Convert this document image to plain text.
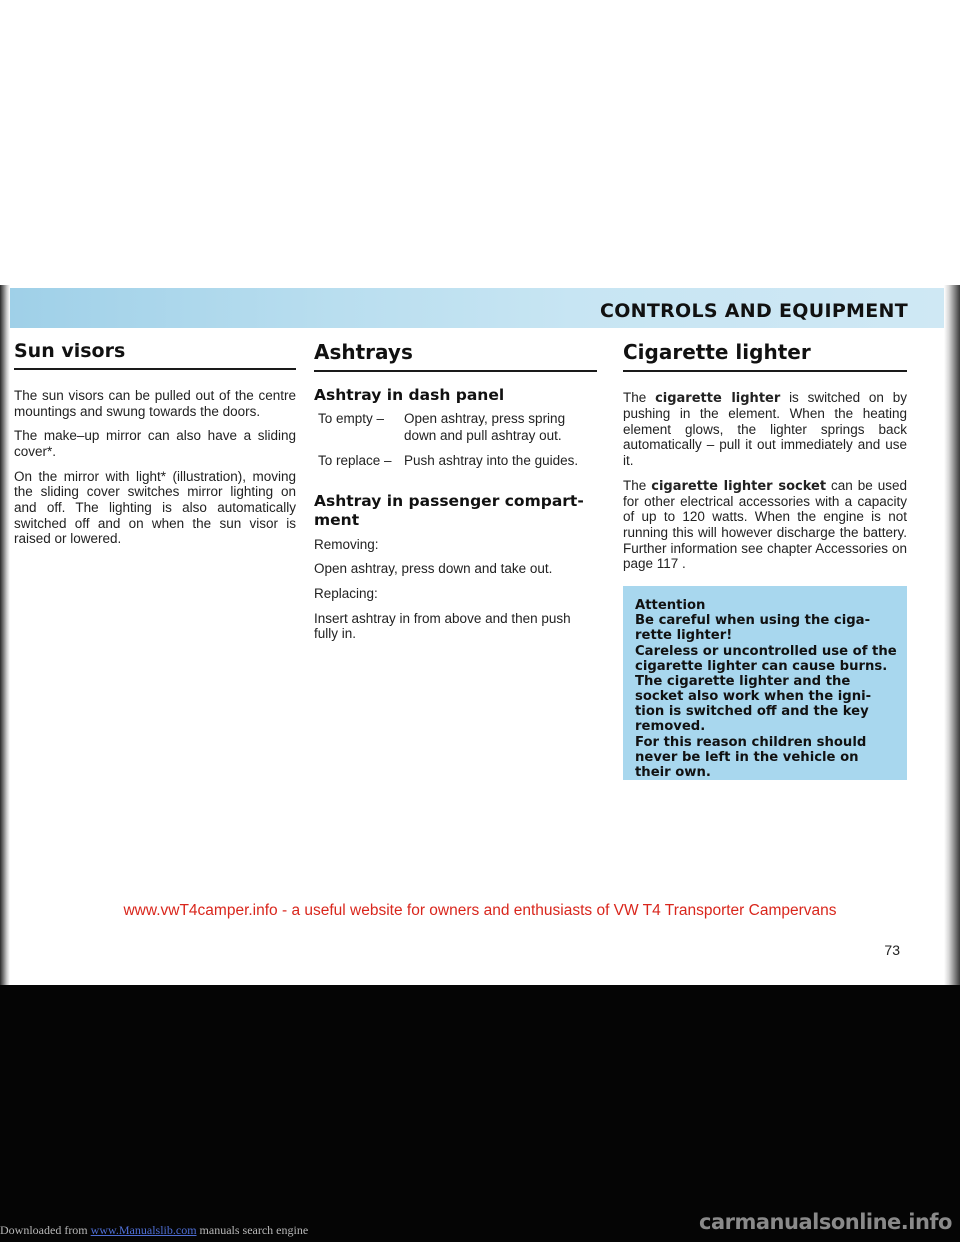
CONTROLS AND EQUIPMENT
Sun visors

The sun visors can be pulled out of the centre mountings and swung towards the doors.

The make–up mirror can also have a sliding cover*.

On the mirror with light* (illustration), moving the sliding cover switches mirror lighting on and off. The lighting is also automatically switched off and on when the sun visor is raised or lowered.

Ashtrays
Ashtray in dash panel
To empty –	Open ashtray, press spring down and pull ashtray out.
To replace – Push ashtray into the guides.
Ashtray in passenger compart- ment

Removing:

Open ashtray, press down and take out.

Replacing:

Insert ashtray in from above and then push fully in.

Cigarette lighter

The cigarette lighter is switched on by pushing in the element. When the heating element glows, the lighter springs back automatically – pull it out immediately and use it.

The cigarette lighter socket can be used for other electrical accessories with a capacity of up to 120 watts. When the engine is not running this will however discharge the battery. Further information see chapter Accessories on page 117 .

Attention
Be careful when using the ciga- rette lighter!
Careless or uncontrolled use of the cigarette lighter can cause burns.
The cigarette lighter and the socket also work when the igni- tion is switched off and the key removed.
For this reason children should never be left in the vehicle on their own.
www.vwT4camper.info - a useful website for owners and enthusiasts of VW T4 Transporter Campervans
73
Downloaded from www.Manualslib.com manuals search engine	carmanualsonline.info
